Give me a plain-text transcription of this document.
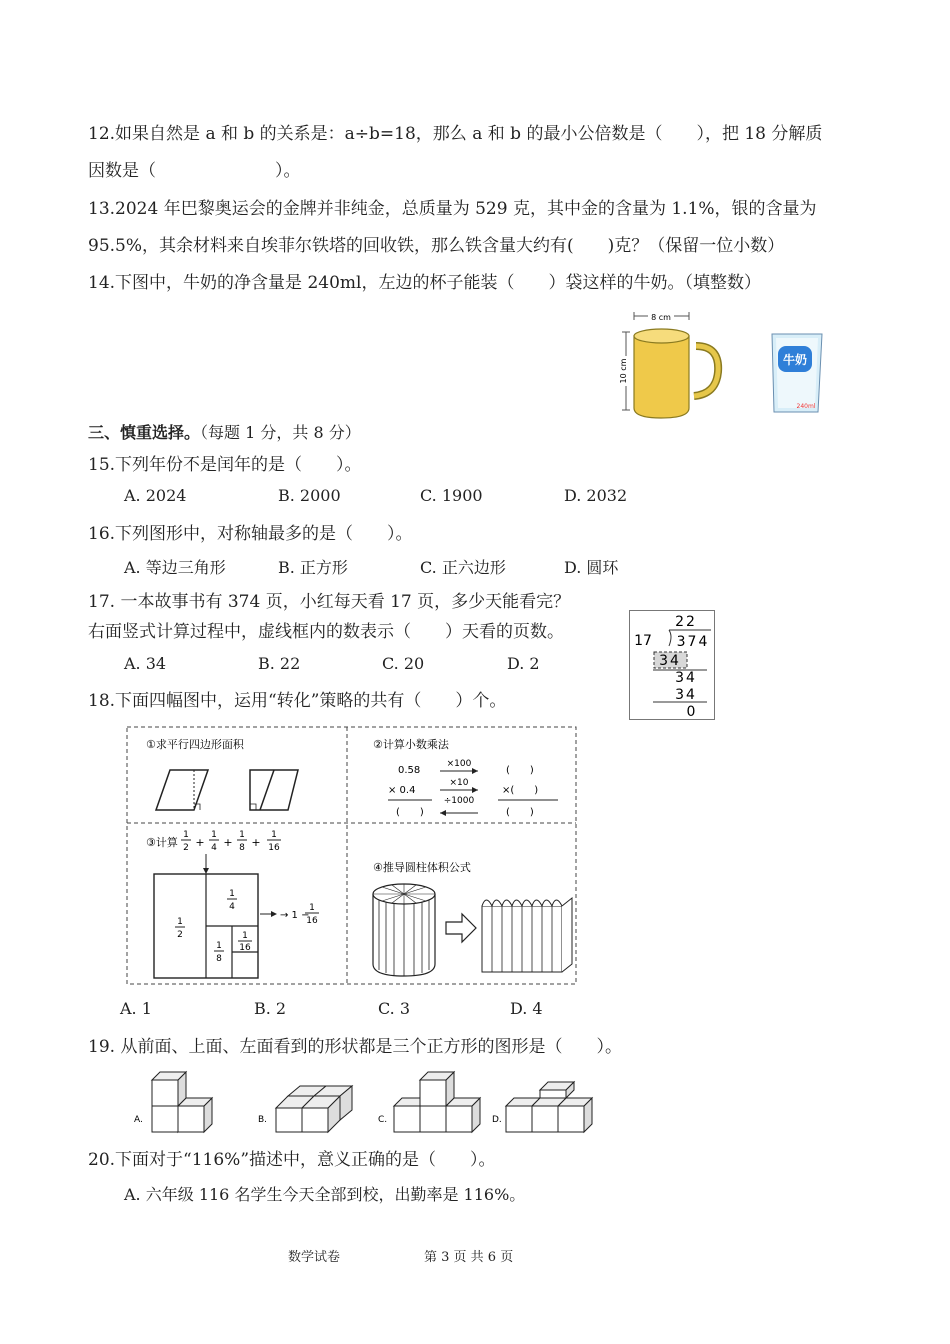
12.如果自然是 a 和 b 的关系是：a÷b=18，那么 a 和 b 的最小公倍数是（　　），把 18 分解质
因数是（　　　　　　　）。
13.2024 年巴黎奥运会的金牌并非纯金，总质量为 529 克，其中金的含量为 1.1%，银的含量为
95.5%，其余材料来自埃菲尔铁塔的回收铁，那么铁含量大约有(　　)克？（保留一位小数）
14.下图中，牛奶的净含量是 240ml，左边的杯子能装（　　）袋这样的牛奶。（填整数）
8 cm
10 cm	牛奶
240ml
三、慎重选择。（每题 1 分，共 8 分）
15.下列年份不是闰年的是（　　）。
A. 2024	B. 2000	C. 1900	D. 2032
16.下列图形中，对称轴最多的是（　　）。
A. 等边三角形	B. 正方形	C. 正六边形	D. 圆环
17. 一本故事书有 374 页，小红每天看 17 页，多少天能看完？
右面竖式计算过程中，虚线框内的数表示（　　）天看的页数。
A. 34	B. 22	C. 20	D. 2
22
17 374
34
34
34
0
18.下面四幅图中，运用“转化”策略的共有（　　）个。
①求平行四边形面积	②计算小数乘法
0.58
× 0.4
(　　)
×100
×10
÷1000
(　　)
×(　　)
(　　)
③计算
1
2 +
1
4 +
1
8 +
1
16
1
2
1
4
1
8
1
16
→ 1 −
1
16
④推导圆柱体积公式
A. 1	B. 2	C. 3	D. 4
19. 从前面、上面、左面看到的形状都是三个正方形的图形是（　　）。
A.	B.	C.	D.
20.下面对于“116%”描述中，意义正确的是（　　）。
A. 六年级 116 名学生今天全部到校，出勤率是 116%。
数学试卷	第 3 页 共 6 页
